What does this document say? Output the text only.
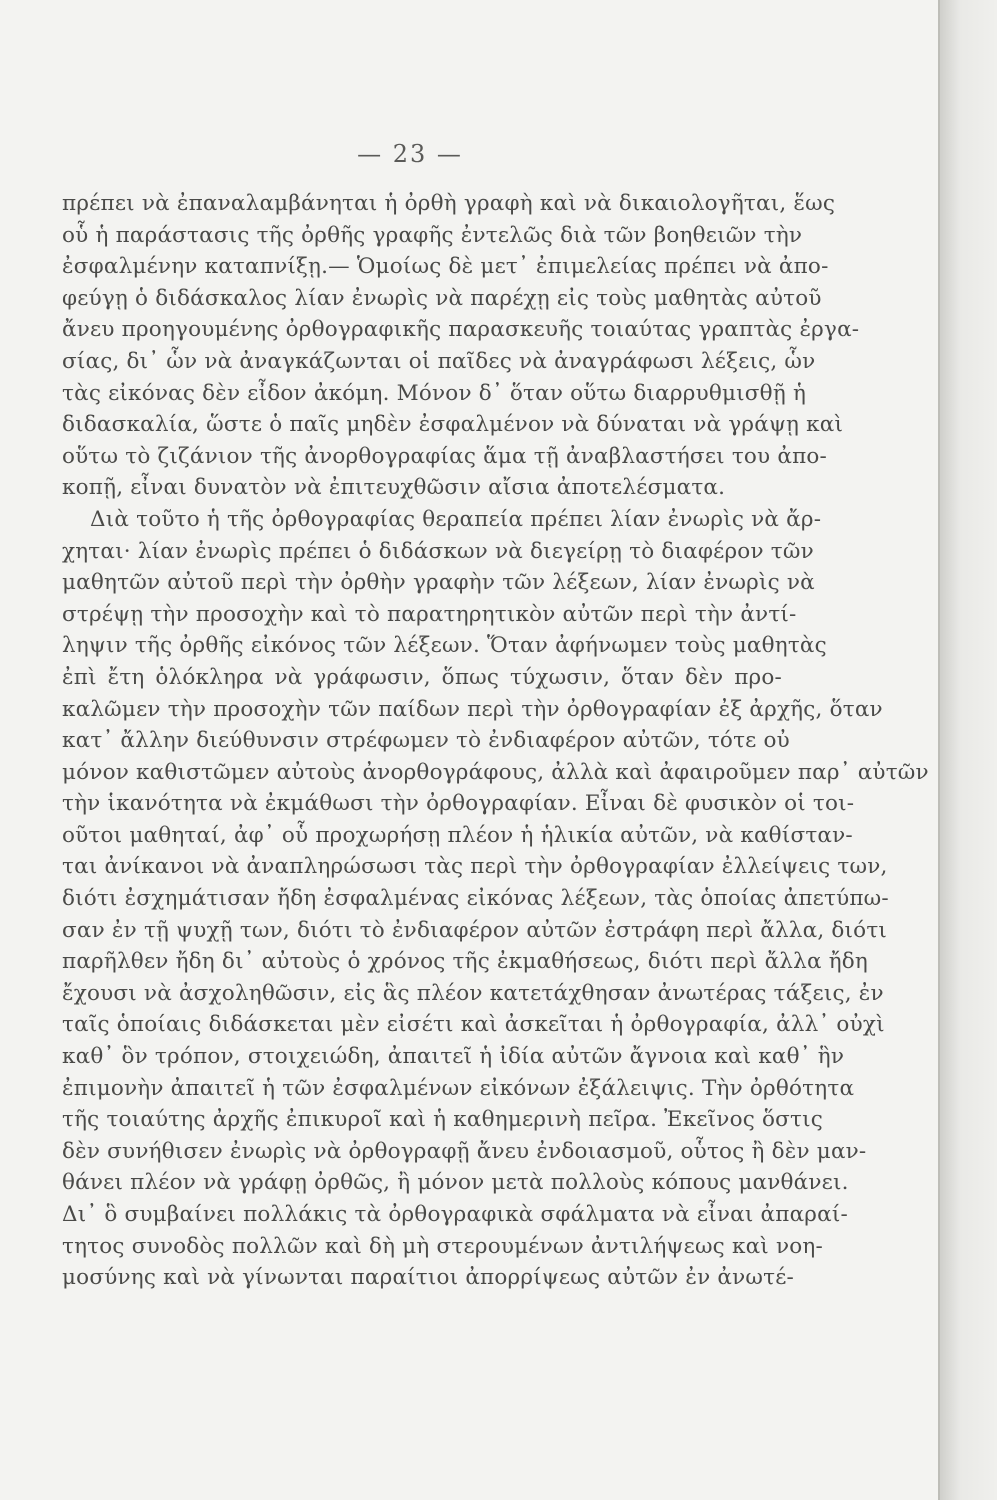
— 23 —
πρέπει νὰ ἐπαναλαμβάνηται ἡ ὀρθὴ γραφὴ καὶ νὰ δικαιολογῆται, ἕως
οὗ ἡ παράστασις τῆς ὀρθῆς γραφῆς ἐντελῶς διὰ τῶν βοηθειῶν τὴν
ἐσφαλμένην καταπνίξῃ.— Ὁμοίως δὲ μετ᾽ ἐπιμελείας πρέπει νὰ ἀπο-
φεύγῃ ὁ διδάσκαλος λίαν ἐνωρὶς νὰ παρέχῃ εἰς τοὺς μαθητὰς αὐτοῦ
ἄνευ προηγουμένης ὀρθογραφικῆς παρασκευῆς τοιαύτας γραπτὰς ἐργα-
σίας, δι᾽ ὧν νὰ ἀναγκάζωνται οἱ παῖδες νὰ ἀναγράφωσι λέξεις, ὧν
τὰς εἰκόνας δὲν εἶδον ἀκόμη. Μόνον δ᾽ ὅταν οὕτω διαρρυθμισθῇ ἡ
διδασκαλία, ὥστε ὁ παῖς μηδὲν ἐσφαλμένον νὰ δύναται νὰ γράψῃ καὶ
οὕτω τὸ ζιζάνιον τῆς ἀνορθογραφίας ἅμα τῇ ἀναβλαστήσει του ἀπο-
κοπῇ, εἶναι δυνατὸν νὰ ἐπιτευχθῶσιν αἴσια ἀποτελέσματα.
Διὰ τοῦτο ἡ τῆς ὀρθογραφίας θεραπεία πρέπει λίαν ἐνωρὶς νὰ ἄρ-
χηται· λίαν ἐνωρὶς πρέπει ὁ διδάσκων νὰ διεγείρῃ τὸ διαφέρον τῶν
μαθητῶν αὐτοῦ περὶ τὴν ὀρθὴν γραφὴν τῶν λέξεων, λίαν ἐνωρὶς νὰ
στρέψῃ τὴν προσοχὴν καὶ τὸ παρατηρητικὸν αὐτῶν περὶ τὴν ἀντί-
ληψιν τῆς ὀρθῆς εἰκόνος τῶν λέξεων. Ὅταν ἀφήνωμεν τοὺς μαθητὰς
ἐπὶ ἔτη ὁλόκληρα νὰ γράφωσιν, ὅπως τύχωσιν, ὅταν δὲν προ-
καλῶμεν τὴν προσοχὴν τῶν παίδων περὶ τὴν ὀρθογραφίαν ἐξ ἀρχῆς, ὅταν
κατ᾽ ἄλλην διεύθυνσιν στρέφωμεν τὸ ἐνδιαφέρον αὐτῶν, τότε οὐ
μόνον καθιστῶμεν αὐτοὺς ἀνορθογράφους, ἀλλὰ καὶ ἀφαιροῦμεν παρ᾽ αὐτῶν
τὴν ἱκανότητα νὰ ἐκμάθωσι τὴν ὀρθογραφίαν. Εἶναι δὲ φυσικὸν οἱ τοι-
οῦτοι μαθηταί, ἀφ᾽ οὗ προχωρήσῃ πλέον ἡ ἡλικία αὐτῶν, νὰ καθίσταν-
ται ἀνίκανοι νὰ ἀναπληρώσωσι τὰς περὶ τὴν ὀρθογραφίαν ἐλλείψεις των,
διότι ἐσχημάτισαν ἤδη ἐσφαλμένας εἰκόνας λέξεων, τὰς ὁποίας ἀπετύπω-
σαν ἐν τῇ ψυχῇ των, διότι τὸ ἐνδιαφέρον αὐτῶν ἐστράφη περὶ ἄλλα, διότι
παρῆλθεν ἤδη δι᾽ αὐτοὺς ὁ χρόνος τῆς ἐκμαθήσεως, διότι περὶ ἄλλα ἤδη
ἔχουσι νὰ ἀσχοληθῶσιν, εἰς ἃς πλέον κατετάχθησαν ἀνωτέρας τάξεις, ἐν
ταῖς ὁποίαις διδάσκεται μὲν εἰσέτι καὶ ἀσκεῖται ἡ ὀρθογραφία, ἀλλ᾽ οὐχὶ
καθ᾽ ὃν τρόπον, στοιχειώδη, ἀπαιτεῖ ἡ ἰδία αὐτῶν ἄγνοια καὶ καθ᾽ ἣν
ἐπιμονὴν ἀπαιτεῖ ἡ τῶν ἐσφαλμένων εἰκόνων ἐξάλειψις. Τὴν ὀρθότητα
τῆς τοιαύτης ἀρχῆς ἐπικυροῖ καὶ ἡ καθημερινὴ πεῖρα. Ἐκεῖνος ὅστις
δὲν συνήθισεν ἐνωρὶς νὰ ὀρθογραφῇ ἄνευ ἐνδοιασμοῦ, οὗτος ἢ δὲν μαν-
θάνει πλέον νὰ γράφῃ ὀρθῶς, ἢ μόνον μετὰ πολλοὺς κόπους μανθάνει.
Δι᾽ ὃ συμβαίνει πολλάκις τὰ ὀρθογραφικὰ σφάλματα νὰ εἶναι ἀπαραί-
τητος συνοδὸς πολλῶν καὶ δὴ μὴ στερουμένων ἀντιλήψεως καὶ νοη-
μοσύνης καὶ νὰ γίνωνται παραίτιοι ἀπορρίψεως αὐτῶν ἐν ἀνωτέ-
